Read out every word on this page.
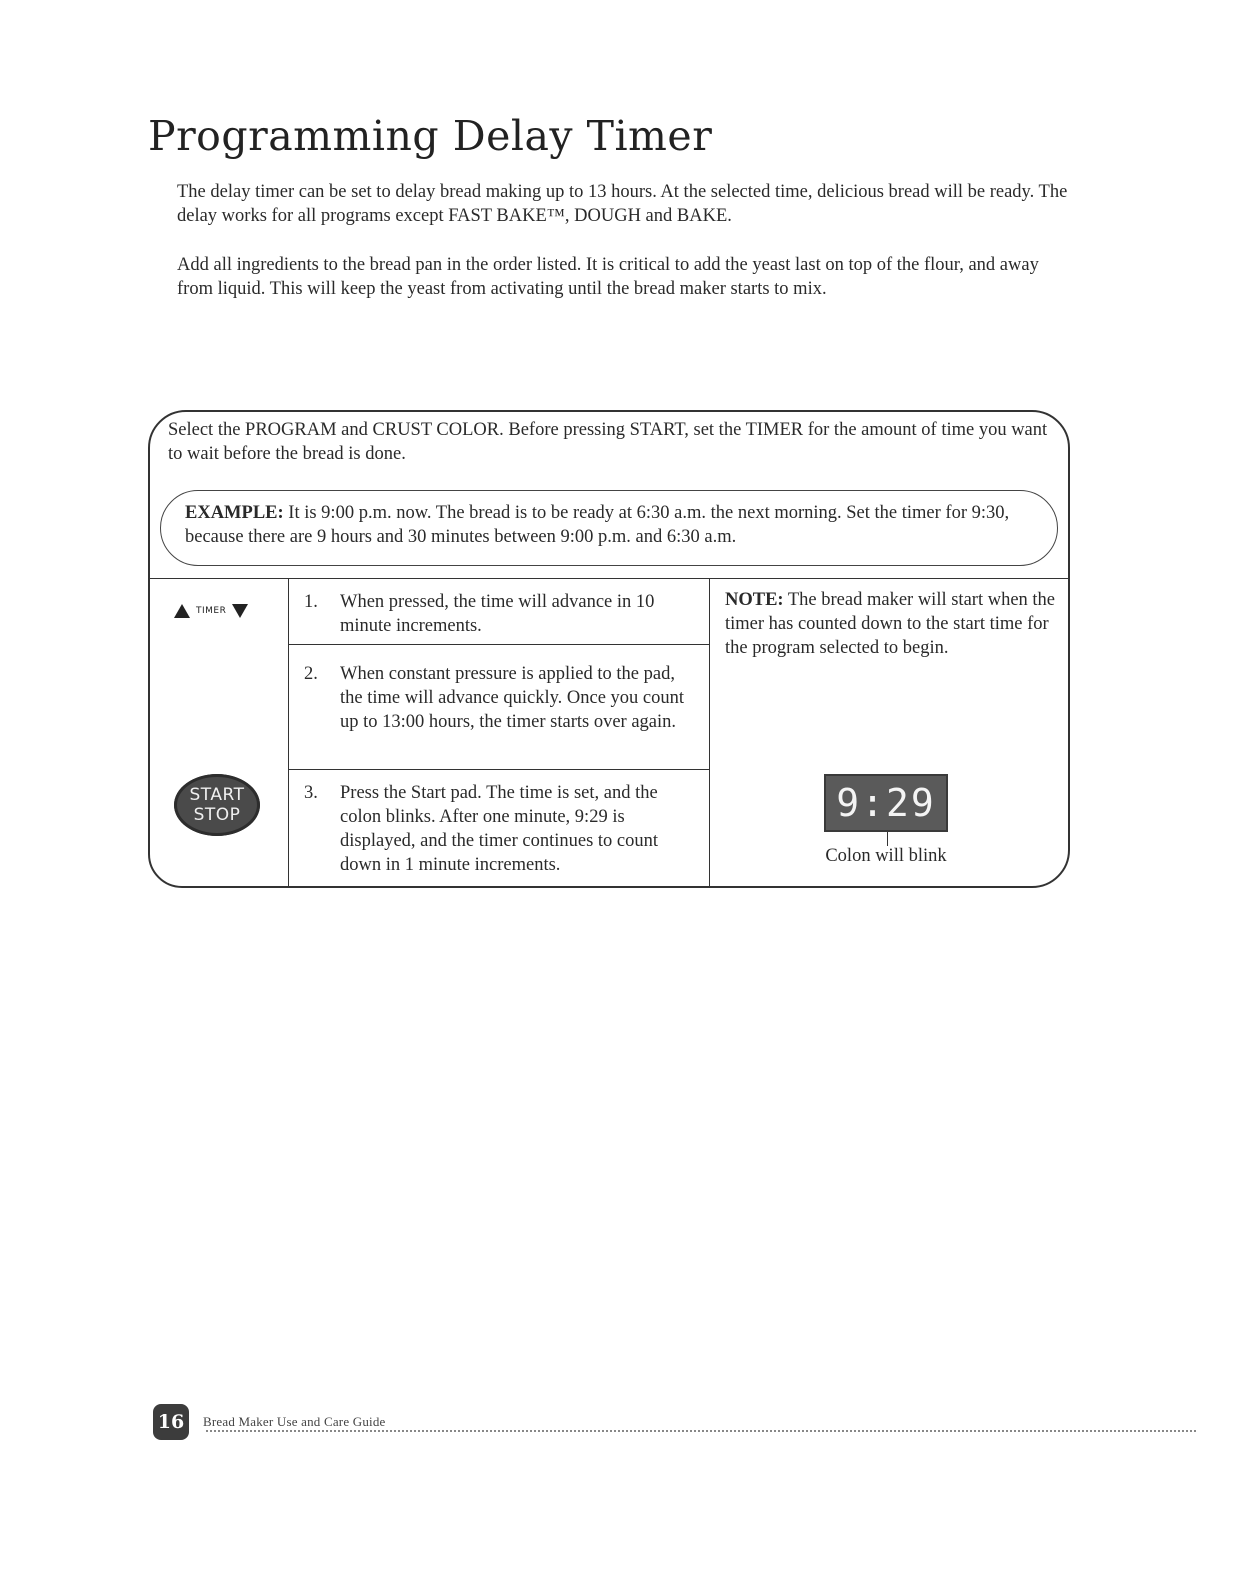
Programming Delay Timer

The delay timer can be set to delay bread making up to 13 hours. At the selected time, delicious bread will be ready. The delay works for all programs except FAST BAKE™, DOUGH and BAKE.

Add all ingredients to the bread pan in the order listed. It is critical to add the yeast last on top of the flour, and away from liquid. This will keep the yeast from activating until the bread maker starts to mix.

Select the PROGRAM and CRUST COLOR. Before pressing START, set the TIMER for the amount of time you want to wait before the bread is done.

EXAMPLE: It is 9:00 p.m. now. The bread is to be ready at 6:30 a.m. the next morning. Set the timer for 9:30, because there are 9 hours and 30 minutes between 9:00 p.m. and 6:30 a.m.

TIMER
START
STOP
1.	When pressed, the time will advance in 10 minute increments.
2.	When constant pressure is applied to the pad, the time will advance quickly. Once you count up to 13:00 hours, the timer starts over again.
3.	Press the Start pad. The time is set, and the colon blinks. After one minute, 9:29 is displayed, and the timer continues to count down in 1 minute increments.

NOTE: The bread maker will start when the timer has counted down to the start time for the program selected to begin.

9:29
Colon will blink
16	Bread Maker Use and Care Guide
